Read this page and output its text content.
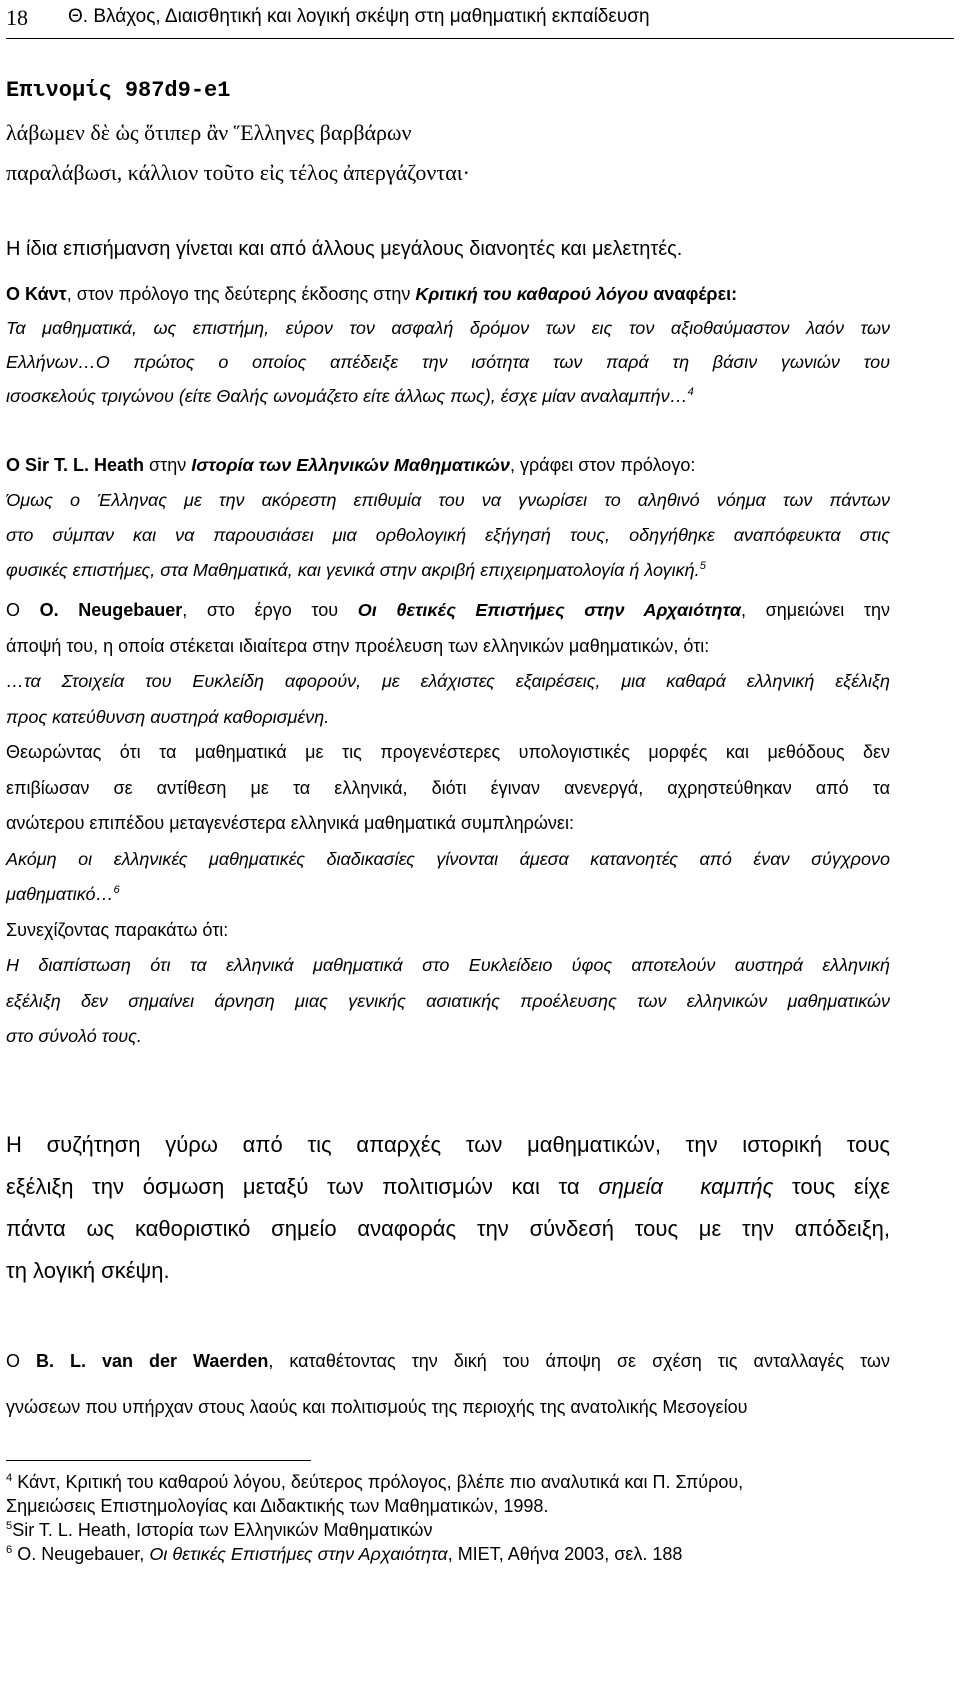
18 Θ. Βλάχος, Διαισθητική και λογική σκέψη στη μαθηματική εκπαίδευση
Επινομίς 987d9-e1
λάβωμεν δὲ ὡς ὅτιπερ ἂν Ἕλληνες βαρβάρων
παραλάβωσι, κάλλιον τοῦτο εἰς τέλος ἀπεργάζονται·
Η ίδια επισήμανση γίνεται και από άλλους μεγάλους διανοητές και μελετητές.
Ο Κάντ, στον πρόλογο της δεύτερης έκδοσης στην Κριτική του καθαρού λόγου αναφέρει:
Τα μαθηματικά, ως επιστήμη, εύρον τον ασφαλή δρόμον των εις τον αξιοθαύμαστον λαόν των
Ελλήνων…Ο πρώτος ο οποίος απέδειξε την ισότητα των παρά τη βάσιν γωνιών του
ισοσκελούς τριγώνου (είτε Θαλής ωνομάζετο είτε άλλως πως), έσχε μίαν αναλαμπήν…$^4$
Ο Sir T. L. Heath στην Ιστορία των Ελληνικών Μαθηματικών, γράφει στον πρόλογο:
Όμως ο Έλληνας με την ακόρεστη επιθυμία του να γνωρίσει το αληθινό νόημα των πάντων
στο σύμπαν και να παρουσιάσει μια ορθολογική εξήγησή τους, οδηγήθηκε αναπόφευκτα στις
φυσικές επιστήμες, στα Μαθηματικά, και γενικά στην ακριβή επιχειρηματολογία ή λογική.$^5$
Ο O. Neugebauer, στο έργο του Οι θετικές Επιστήμες στην Αρχαιότητα, σημειώνει την
άποψή του, η οποία στέκεται ιδιαίτερα στην προέλευση των ελληνικών μαθηματικών, ότι:
…τα Στοιχεία του Ευκλείδη αφορούν, με ελάχιστες εξαιρέσεις, μια καθαρά ελληνική εξέλιξη
προς κατεύθυνση αυστηρά καθορισμένη.
Θεωρώντας ότι τα μαθηματικά με τις προγενέστερες υπολογιστικές μορφές και μεθόδους δεν
επιβίωσαν σε αντίθεση με τα ελληνικά, διότι έγιναν ανενεργά, αχρηστεύθηκαν από τα
ανώτερου επιπέδου μεταγενέστερα ελληνικά μαθηματικά συμπληρώνει:
Ακόμη οι ελληνικές μαθηματικές διαδικασίες γίνονται άμεσα κατανοητές από έναν σύγχρονο
μαθηματικό…$^6$
Συνεχίζοντας παρακάτω ότι:
Η διαπίστωση ότι τα ελληνικά μαθηματικά στο Ευκλείδειο ύφος αποτελούν αυστηρά ελληνική
εξέλιξη δεν σημαίνει άρνηση μιας γενικής ασιατικής προέλευσης των ελληνικών μαθηματικών
στο σύνολό τους.
Η συζήτηση γύρω από τις απαρχές των μαθηματικών, την ιστορική τους
εξέλιξη την όσμωση μεταξύ των πολιτισμών και τα σημεία καμπής τους είχε
πάντα ως καθοριστικό σημείο αναφοράς την σύνδεσή τους με την απόδειξη,
τη λογική σκέψη.
Ο B. L. van der Waerden, καταθέτοντας την δική του άποψη σε σχέση τις ανταλλαγές των
γνώσεων που υπήρχαν στους λαούς και πολιτισμούς της περιοχής της ανατολικής Μεσογείου
$^4$ Κάντ, Κριτική του καθαρού λόγου, δεύτερος πρόλογος, βλέπε πιο αναλυτικά και Π. Σπύρου,
Σημειώσεις Επιστημολογίας και Διδακτικής των Μαθηματικών, 1998.
$^5$Sir T. L. Heath, Ιστορία των Ελληνικών Μαθηματικών
$^6$ O. Neugebauer, Οι θετικές Επιστήμες στην Αρχαιότητα, ΜΙΕΤ, Αθήνα 2003, σελ. 188
